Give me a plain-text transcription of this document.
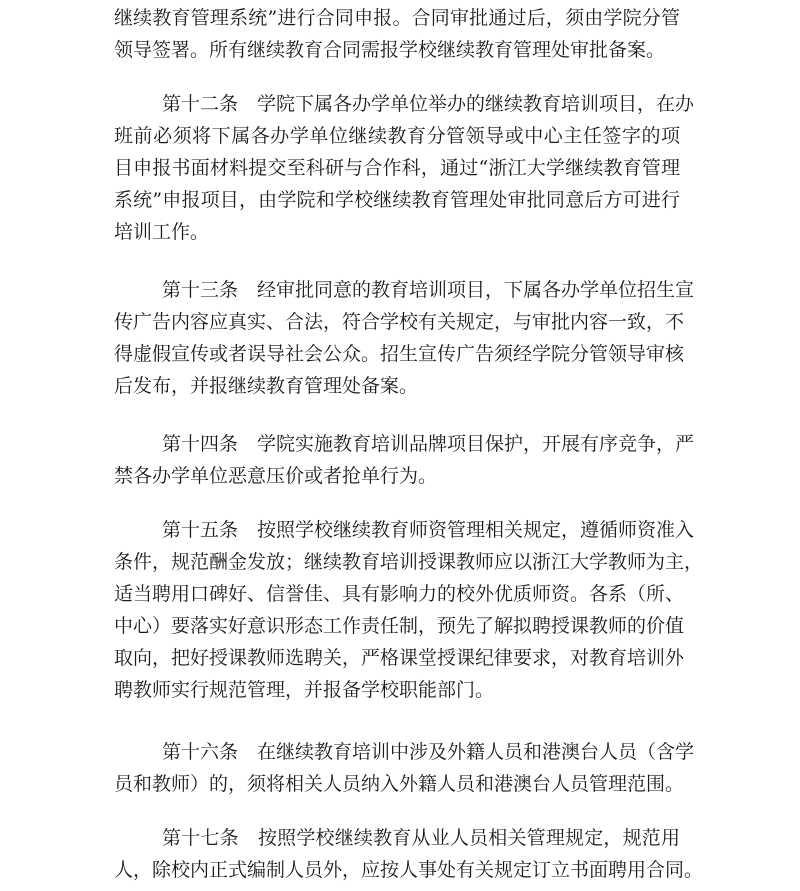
继续教育管理系统”进行合同申报。合同审批通过后，须由学院分管
领导签署。所有继续教育合同需报学校继续教育管理处审批备案。
第十二条　学院下属各办学单位举办的继续教育培训项目，在办
班前必须将下属各办学单位继续教育分管领导或中心主任签字的项
目申报书面材料提交至科研与合作科，通过“浙江大学继续教育管理
系统”申报项目，由学院和学校继续教育管理处审批同意后方可进行
培训工作。
第十三条　经审批同意的教育培训项目，下属各办学单位招生宣
传广告内容应真实、合法，符合学校有关规定，与审批内容一致，不
得虚假宣传或者误导社会公众。招生宣传广告须经学院分管领导审核
后发布，并报继续教育管理处备案。
第十四条　学院实施教育培训品牌项目保护，开展有序竞争，严
禁各办学单位恶意压价或者抢单行为。
第十五条　按照学校继续教育师资管理相关规定，遵循师资准入
条件，规范酬金发放；继续教育培训授课教师应以浙江大学教师为主，
适当聘用口碑好、信誉佳、具有影响力的校外优质师资。各系（所、
中心）要落实好意识形态工作责任制，预先了解拟聘授课教师的价值
取向，把好授课教师选聘关，严格课堂授课纪律要求，对教育培训外
聘教师实行规范管理，并报备学校职能部门。
第十六条　在继续教育培训中涉及外籍人员和港澳台人员（含学
员和教师）的，须将相关人员纳入外籍人员和港澳台人员管理范围。
第十七条　按照学校继续教育从业人员相关管理规定，规范用
人，除校内正式编制人员外，应按人事处有关规定订立书面聘用合同。
